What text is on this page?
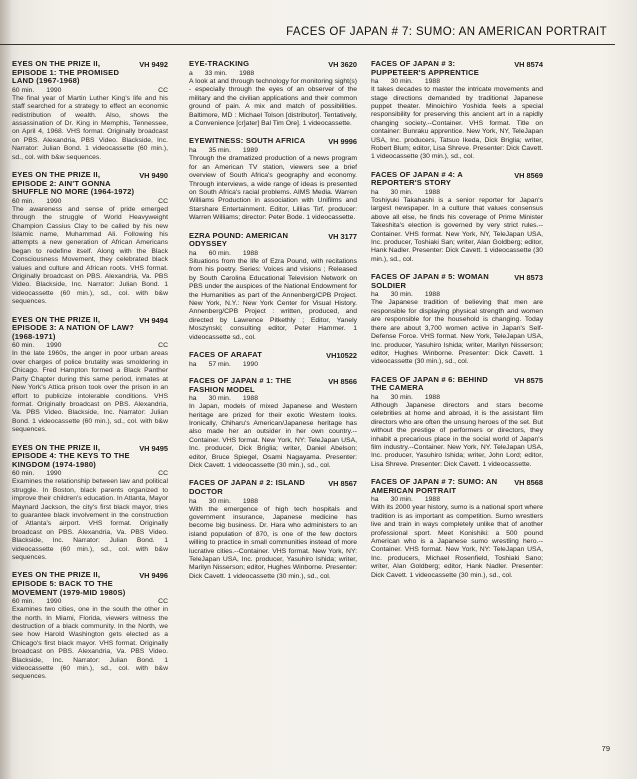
FACES OF JAPAN # 7: SUMO: AN AMERICAN PORTRAIT
EYES ON THE PRIZE II, EPISODE 1: THE PROMISED LAND (1967-1968)
VH 9492
60 min. 1990	CC
The final year of Martin Luther King's life and his staff searched for a strategy to effect an economic redistribution of wealth. Also, shows the assassination of Dr. King in Memphis, Tennessee, on April 4, 1968. VHS format. Originally broadcast on PBS. Alexandria, PBS Video. Blackside, Inc. Narrator: Julian Bond. 1 videocassette (60 min.), sd., col. with b&w sequences.
EYES ON THE PRIZE II, EPISODE 2: AIN'T GONNA SHUFFLE NO MORE (1964-1972)
VH 9490
60 min. 1990	CC
The awareness and sense of pride emerged through the struggle of World Heavyweight Champion Cassius Clay to be called by his new Islamic name, Muhammad Ali. Following his attempts a new generation of African Americans began to redefine itself. Along with the Black Consciousness Movement, they celebrated black values and culture and African roots. VHS format. Originally broadcast on PBS. Alexandria, Va. PBS Video. Blackside, Inc. Narrator: Julian Bond. 1 videocassette (60 min.), sd., col. with b&w sequences.
EYES ON THE PRIZE II, EPISODE 3: A NATION OF LAW? (1968-1971)
VH 9494
60 min. 1990	CC
In the late 1960s, the anger in poor urban areas over charges of police brutality was smoldering in Chicago. Fred Hampton formed a Black Panther Party Chapter during this same period, inmates at New York's Attica prison took over the prison in an effort to publicize intolerable conditions. VHS format. Originally broadcast on PBS. Alexandria, Va. PBS Video. Blackside, Inc. Narrator: Julian Bond. 1 videocassette (60 min.), sd., col. with b&w sequences.
EYES ON THE PRIZE II, EPISODE 4: THE KEYS TO THE KINGDOM (1974-1980)
VH 9495
60 min. 1990	CC
Examines the relationship between law and political struggle. In Boston, black parents organized to improve their children's education. In Atlanta, Mayor Maynard Jackson, the city's first black mayor, tries to guarantee black involvement in the construction of Atlanta's airport. VHS format. Originally broadcast on PBS. Alexandria, Va. PBS Video. Blackside, Inc. Narrator: Julian Bond. 1 videocassette (60 min.), sd., col. with b&w sequences.
EYES ON THE PRIZE II, EPISODE 5: BACK TO THE MOVEMENT (1979-MID 1980S)
VH 9496
60 min. 1990	CC
Examines two cities, one in the south the other in the north. In Miami, Florida, viewers witness the destruction of a black community. In the North, we see how Harold Washington gets elected as a Chicago's first black mayor. VHS format. Originally broadcast on PBS. Alexandria, Va. PBS Video. Blackside, Inc. Narrator: Julian Bond. 1 videocassette (60 min.), sd., col. with b&w sequences.
EYE-TRACKING	VH 3620
a 33 min. 1988
A look at and through technology for monitoring sight(s) - especially through the eyes of an observer of the military and the civilian applications and their common ground of pain. A mix and match of possibilities. Baltimore, MD : Michael Tolson [distributor]. Tentatively, a Convenience [cr]ater] Bal Tim Ore]. 1 videocassette.
EYEWITNESS: SOUTH AFRICA	VH 9996
ha 35 min. 1989
Through the dramatized production of a news program for an American TV station, viewers see a brief overview of South Africa's geography and economy. Through interviews, a wide range of ideas is presented on South Africa's racial problems. AIMS Media. Warren Williams Production in association with Unifilms and Starshare Entertainment. Editor, Lillias Tirf. producer: Warren Williams; director: Peter Bode. 1 videocassette.
EZRA POUND: AMERICAN ODYSSEY
VH 3177
ha 60 min. 1988
Situations from the life of Ezra Pound, with recitations from his poetry. Series: Voices and visions ; Released by South Carolina Educational Television Network on PBS under the auspices of the National Endowment for the Humanities as part of the Annenberg/CPB Project. New York, N.Y.: New York Center for Visual History. Annenberg/CPB Project : written, produced, and directed by Lawrence Pitkethly ; Editor, Yanely Moszynski; consulting editor, Peter Hammer. 1 videocassette sd., col.
FACES OF ARAFAT	VH10522
ha 57 min. 1990
FACES OF JAPAN # 1: THE FASHION MODEL
VH 8566
ha 30 min. 1988
In Japan, models of mixed Japanese and Western heritage are prized for their exotic Western looks. Ironically, Chiharu's American/Japanese heritage has also made her an outsider in her own country.--Container. VHS format. New York, NY: TeleJapan USA, Inc. producer, Dick Briglia; writer, Daniel Abelson; editor, Bruce Spiegel, Osami Nagayama. Presenter: Dick Cavett. 1 videocassette (30 min.), sd., col.
FACES OF JAPAN # 2: ISLAND DOCTOR
VH 8567
ha 30 min. 1988
With the emergence of high tech hospitals and government insurance, Japanese medicine has become big business. Dr. Hara who administers to an island population of 870, is one of the few doctors willing to practice in small communities instead of more lucrative cities.--Container. VHS format. New York, NY: TeleJapan USA, Inc. producer, Yasuhiro Ishida; writer, Marilyn Nisserson; editor, Hughes Winborne. Presenter: Dick Cavett. 1 videocassette (30 min.), sd., col.
FACES OF JAPAN # 3: PUPPETEER'S APPRENTICE
VH 8574
ha 30 min. 1988
It takes decades to master the intricate movements and stage directions demanded by traditional Japanese puppet theater. Minoichiro Yoshida feels a special responsibility for preserving this ancient art in a rapidly changing society.--Container. VHS format. Title on container: Bunraku apprentice. New York, NY, TeleJapan USA, Inc. producers, Tatsuo Ikeda, Dick Briglia; writer, Robert Blum; editor, Lisa Shreve. Presenter: Dick Cavett. 1 videocassette (30 min.), sd., col.
FACES OF JAPAN # 4: A REPORTER'S STORY
VH 8569
ha 30 min. 1988
Toshiyuki Takahashi is a senior reporter for Japan's largest newspaper. In a culture that values consensus above all else, he finds his coverage of Prime Minister Takeshita's election is governed by very strict rules.--Container. VHS format. New York, NY, TeleJapan USA, Inc. producer, Toshiaki San; writer, Alan Goldberg; editor, Hank Nadler. Presenter: Dick Cavett. 1 videocassette (30 min.), sd., col.
FACES OF JAPAN # 5: WOMAN SOLDIER
VH 8573
ha 30 min. 1988
The Japanese tradition of believing that men are responsible for displaying physical strength and women are responsible for the household is changing. Today there are about 3,700 women active in Japan's Self-Defense Force. VHS format. New York, TeleJapan USA, Inc. producer, Yasuhiro Ishida; writer, Marilyn Nisserson; editor, Hughes Winborne. Presenter: Dick Cavett. 1 videocassette (30 min.), sd., col.
FACES OF JAPAN # 6: BEHIND THE CAMERA
VH 8575
ha 30 min. 1988
Although Japanese directors and stars become celebrities at home and abroad, it is the assistant film directors who are often the unsung heroes of the set. But without the prestige of performers or directors, they inhabit a precarious place in the social world of Japan's film industry.--Container. New York, NY. TeleJapan USA, Inc. producer, Yasuhiro Ishida; writer, John Lord; editor, Lisa Shreve. Presenter: Dick Cavett. 1 videocassette.
FACES OF JAPAN # 7: SUMO: AN AMERICAN PORTRAIT
VH 8568
ha 30 min. 1988
With its 2000 year history, sumo is a national sport where tradition is as important as competition. Sumo wrestlers live and train in ways completely unlike that of another professional sport. Meet Konishiki: a 500 pound American who is a Japanese sumo wrestling hero.--Container. VHS format. New York, NY: TeleJapan USA, Inc. producers, Michael Rosenfield, Toshiaki Sano; writer, Alan Goldberg; editor, Hank Nadler. Presenter: Dick Cavett. 1 videocassette (30 min.), sd., col.
79
